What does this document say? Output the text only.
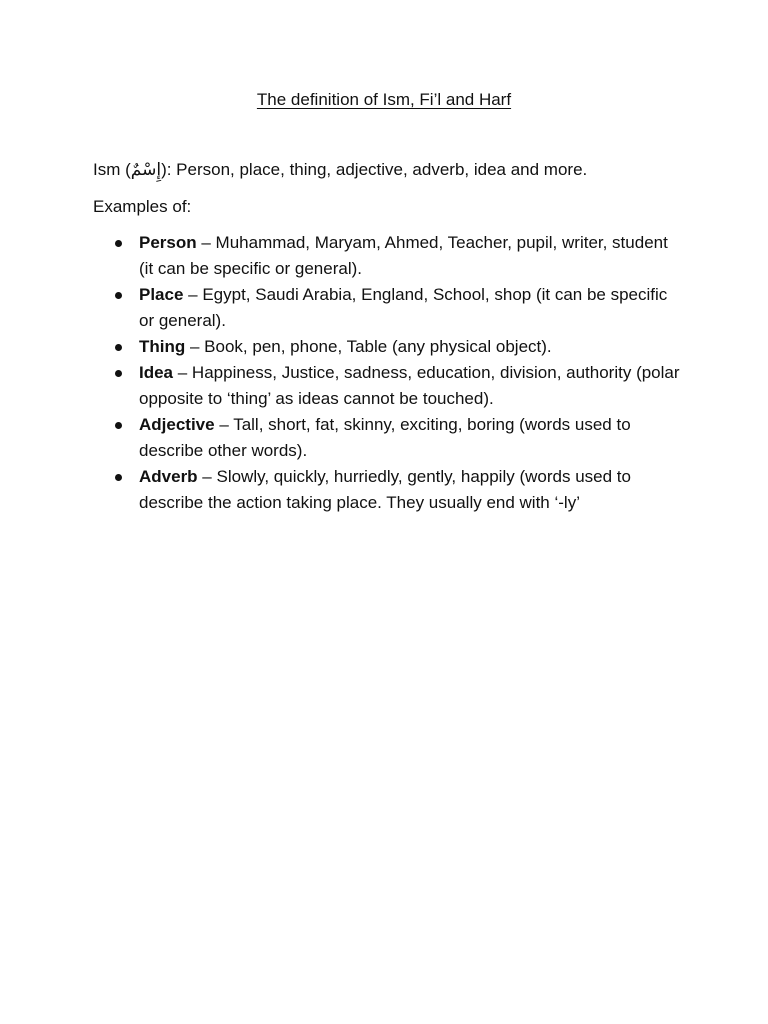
The definition of Ism, Fi’l and Harf
Ism (إِسْمٌ): Person, place, thing, adjective, adverb, idea and more.
Examples of:
Person – Muhammad, Maryam, Ahmed, Teacher, pupil, writer, student (it can be specific or general).
Place – Egypt, Saudi Arabia, England, School, shop (it can be specific or general).
Thing – Book, pen, phone, Table (any physical object).
Idea – Happiness, Justice, sadness, education, division, authority (polar opposite to ‘thing’ as ideas cannot be touched).
Adjective – Tall, short, fat, skinny, exciting, boring (words used to describe other words).
Adverb – Slowly, quickly, hurriedly, gently, happily (words used to describe the action taking place. They usually end with ‘-ly’
